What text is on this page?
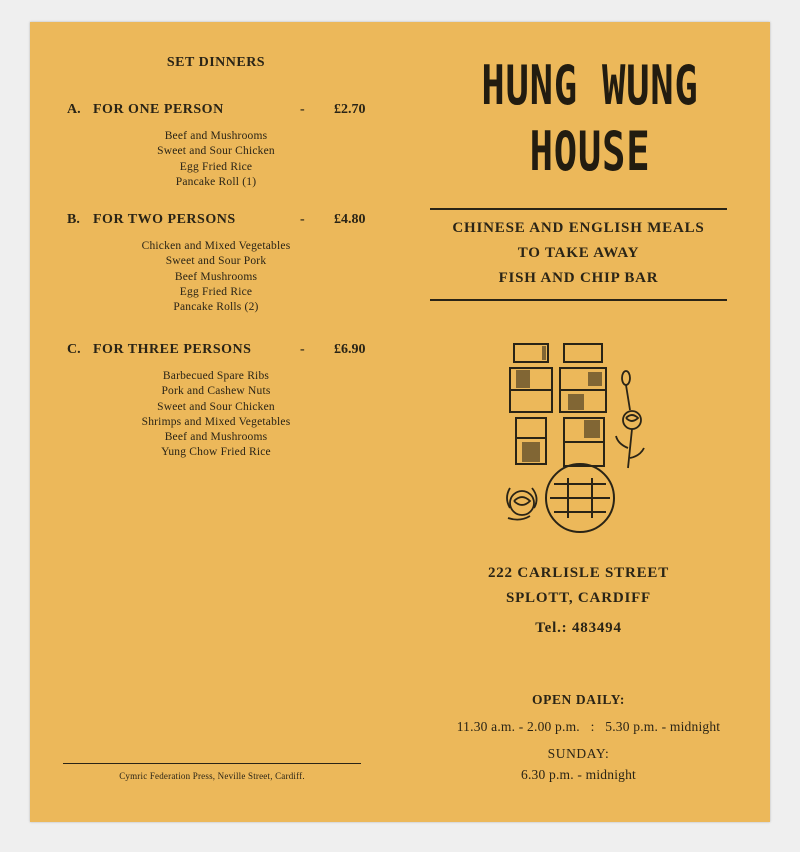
SET DINNERS
A. FOR ONE PERSON	- £2.70
Beef and Mushrooms
Sweet and Sour Chicken
Egg Fried Rice
Pancake Roll (1)
B. FOR TWO PERSONS	- £4.80
Chicken and Mixed Vegetables
Sweet and Sour Pork
Beef Mushrooms
Egg Fried Rice
Pancake Rolls (2)
C. FOR THREE PERSONS	- £6.90
Barbecued Spare Ribs
Pork and Cashew Nuts
Sweet and Sour Chicken
Shrimps and Mixed Vegetables
Beef and Mushrooms
Yung Chow Fried Rice
Cymric Federation Press, Neville Street, Cardiff.
HUNG WUNG
HOUSE
CHINESE AND ENGLISH MEALS
TO TAKE AWAY
FISH AND CHIP BAR
222 CARLISLE STREET
SPLOTT, CARDIFF
Tel.: 483494
OPEN DAILY:
11.30 a.m. - 2.00 p.m.   :   5.30 p.m. - midnight
SUNDAY:
6.30 p.m. - midnight
